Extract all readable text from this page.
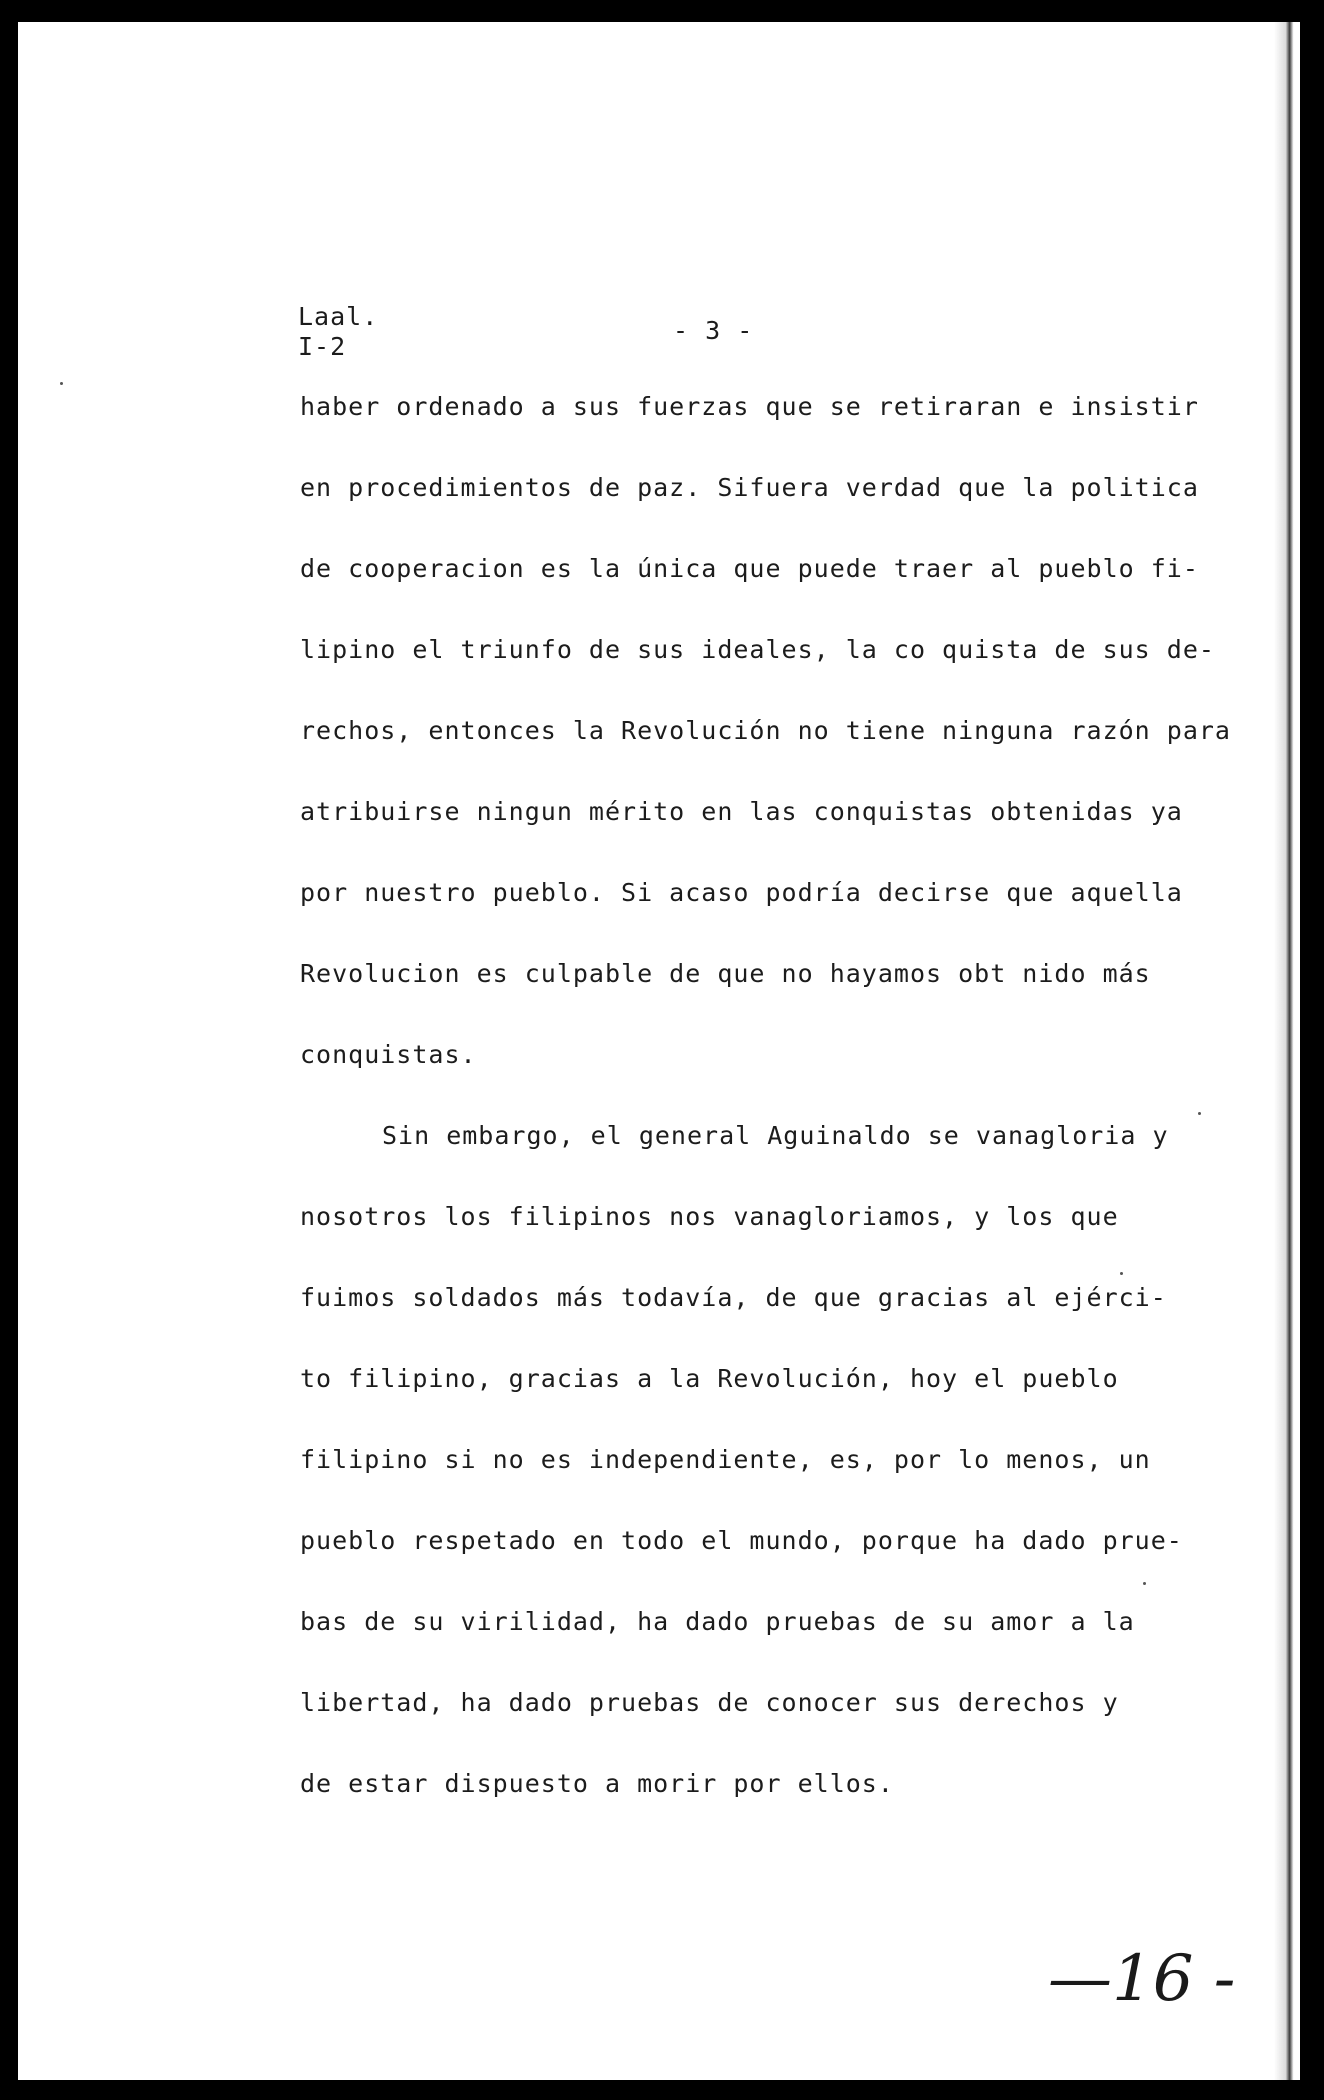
Laal.
I-2
- 3 -
haber ordenado a sus fuerzas que se retiraran e insistir
en procedimientos de paz. Sifuera verdad que la politica
de cooperacion es la única que puede traer al pueblo fi-
lipino el triunfo de sus ideales, la co quista de sus de-
rechos, entonces la Revolución no tiene ninguna razón para
atribuirse ningun mérito en las conquistas obtenidas ya
por nuestro pueblo. Si acaso podría decirse que aquella
Revolucion es culpable de que no hayamos obt nido más
conquistas.
Sin embargo, el general Aguinaldo se vanagloria y
nosotros los filipinos nos vanagloriamos, y los que
fuimos soldados más todavía, de que gracias al ejérci-
to filipino, gracias a la Revolución, hoy el pueblo
filipino si no es independiente, es, por lo menos, un
pueblo respetado en todo el mundo, porque ha dado prue-
bas de su virilidad, ha dado pruebas de su amor a la
libertad, ha dado pruebas de conocer sus derechos y
de estar dispuesto a morir por ellos.
—16 -
